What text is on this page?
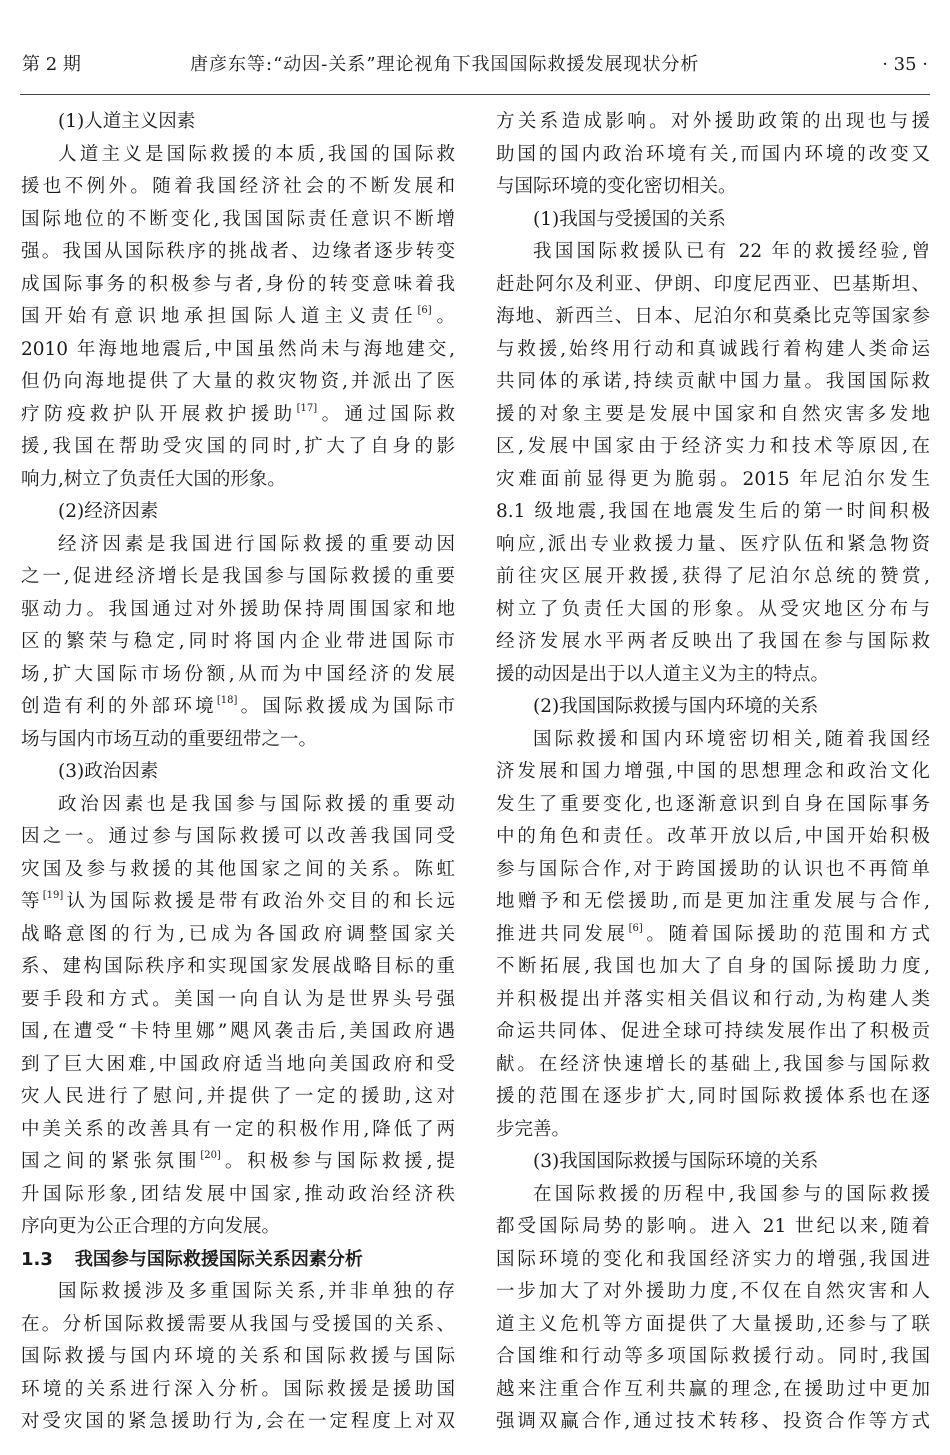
第 2 期	唐彦东等:“动因-关系”理论视角下我国国际救援发展现状分析	· 35 ·
(1)人道主义因素
人道主义是国际救援的本质,我国的国际救
援也不例外。随着我国经济社会的不断发展和
国际地位的不断变化,我国国际责任意识不断增
强。我国从国际秩序的挑战者、边缘者逐步转变
成国际事务的积极参与者,身份的转变意味着我
国开始有意识地承担国际人道主义责任[6]。
2010 年海地地震后,中国虽然尚未与海地建交,
但仍向海地提供了大量的救灾物资,并派出了医
疗防疫救护队开展救护援助[17]。通过国际救
援,我国在帮助受灾国的同时,扩大了自身的影
响力,树立了负责任大国的形象。
(2)经济因素
经济因素是我国进行国际救援的重要动因
之一,促进经济增长是我国参与国际救援的重要
驱动力。我国通过对外援助保持周围国家和地
区的繁荣与稳定,同时将国内企业带进国际市
场,扩大国际市场份额,从而为中国经济的发展
创造有利的外部环境[18]。国际救援成为国际市
场与国内市场互动的重要纽带之一。
(3)政治因素
政治因素也是我国参与国际救援的重要动
因之一。通过参与国际救援可以改善我国同受
灾国及参与救援的其他国家之间的关系。陈虹
等[19]认为国际救援是带有政治外交目的和长远
战略意图的行为,已成为各国政府调整国家关
系、建构国际秩序和实现国家发展战略目标的重
要手段和方式。美国一向自认为是世界头号强
国,在遭受“卡特里娜”飓风袭击后,美国政府遇
到了巨大困难,中国政府适当地向美国政府和受
灾人民进行了慰问,并提供了一定的援助,这对
中美关系的改善具有一定的积极作用,降低了两
国之间的紧张氛围[20]。积极参与国际救援,提
升国际形象,团结发展中国家,推动政治经济秩
序向更为公正合理的方向发展。
1.3 我国参与国际救援国际关系因素分析
国际救援涉及多重国际关系,并非单独的存
在。分析国际救援需要从我国与受援国的关系、
国际救援与国内环境的关系和国际救援与国际
环境的关系进行深入分析。国际救援是援助国
对受灾国的紧急援助行为,会在一定程度上对双
方关系造成影响。对外援助政策的出现也与援
助国的国内政治环境有关,而国内环境的改变又
与国际环境的变化密切相关。
(1)我国与受援国的关系
我国国际救援队已有 22 年的救援经验,曾
赶赴阿尔及利亚、伊朗、印度尼西亚、巴基斯坦、
海地、新西兰、日本、尼泊尔和莫桑比克等国家参
与救援,始终用行动和真诚践行着构建人类命运
共同体的承诺,持续贡献中国力量。我国国际救
援的对象主要是发展中国家和自然灾害多发地
区,发展中国家由于经济实力和技术等原因,在
灾难面前显得更为脆弱。2015 年尼泊尔发生
8.1 级地震,我国在地震发生后的第一时间积极
响应,派出专业救援力量、医疗队伍和紧急物资
前往灾区展开救援,获得了尼泊尔总统的赞赏,
树立了负责任大国的形象。从受灾地区分布与
经济发展水平两者反映出了我国在参与国际救
援的动因是出于以人道主义为主的特点。
(2)我国国际救援与国内环境的关系
国际救援和国内环境密切相关,随着我国经
济发展和国力增强,中国的思想理念和政治文化
发生了重要变化,也逐渐意识到自身在国际事务
中的角色和责任。改革开放以后,中国开始积极
参与国际合作,对于跨国援助的认识也不再简单
地赠予和无偿援助,而是更加注重发展与合作,
推进共同发展[6]。随着国际援助的范围和方式
不断拓展,我国也加大了自身的国际援助力度,
并积极提出并落实相关倡议和行动,为构建人类
命运共同体、促进全球可持续发展作出了积极贡
献。在经济快速增长的基础上,我国参与国际救
援的范围在逐步扩大,同时国际救援体系也在逐
步完善。
(3)我国国际救援与国际环境的关系
在国际救援的历程中,我国参与的国际救援
都受国际局势的影响。进入 21 世纪以来,随着
国际环境的变化和我国经济实力的增强,我国进
一步加大了对外援助力度,不仅在自然灾害和人
道主义危机等方面提供了大量援助,还参与了联
合国维和行动等多项国际救援行动。同时,我国
越来注重合作互利共赢的理念,在援助过中更加
强调双赢合作,通过技术转移、投资合作等方式
